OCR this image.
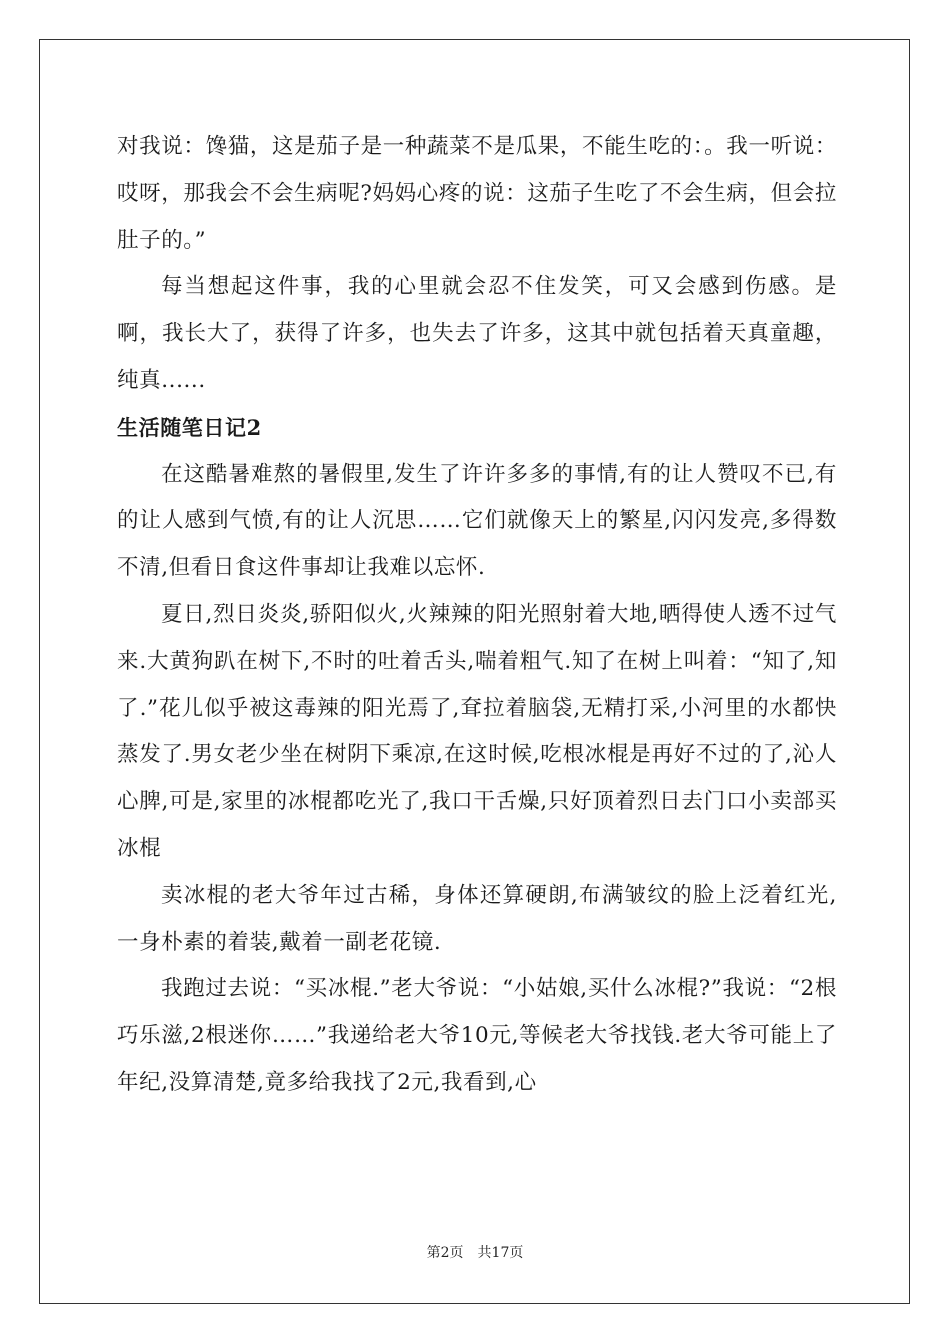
对我说：馋猫，这是茄子是一种蔬菜不是瓜果，不能生吃的：。我一听说：哎呀，那我会不会生病呢?妈妈心疼的说：这茄子生吃了不会生病，但会拉肚子的。”

每当想起这件事，我的心里就会忍不住发笑，可又会感到伤感。是啊，我长大了，获得了许多，也失去了许多，这其中就包括着天真童趣，纯真......

生活随笔日记2

在这酷暑难熬的暑假里,发生了许许多多的事情,有的让人赞叹不已,有的让人感到气愤,有的让人沉思……它们就像天上的繁星,闪闪发亮,多得数不清,但看日食这件事却让我难以忘怀.

夏日,烈日炎炎,骄阳似火,火辣辣的阳光照射着大地,晒得使人透不过气来.大黄狗趴在树下,不时的吐着舌头,喘着粗气.知了在树上叫着：“知了,知了.”花儿似乎被这毒辣的阳光焉了,耷拉着脑袋,无精打采,小河里的水都快蒸发了.男女老少坐在树阴下乘凉,在这时候,吃根冰棍是再好不过的了,沁人心脾,可是,家里的冰棍都吃光了,我口干舌燥,只好顶着烈日去门口小卖部买冰棍

卖冰棍的老大爷年过古稀，身体还算硬朗,布满皱纹的脸上泛着红光,一身朴素的着装,戴着一副老花镜.

我跑过去说：“买冰棍.”老大爷说：“小姑娘,买什么冰棍?”我说：“2根巧乐滋,2根迷你……”我递给老大爷10元,等候老大爷找钱.老大爷可能上了年纪,没算清楚,竟多给我找了2元,我看到,心

第2页 共17页
